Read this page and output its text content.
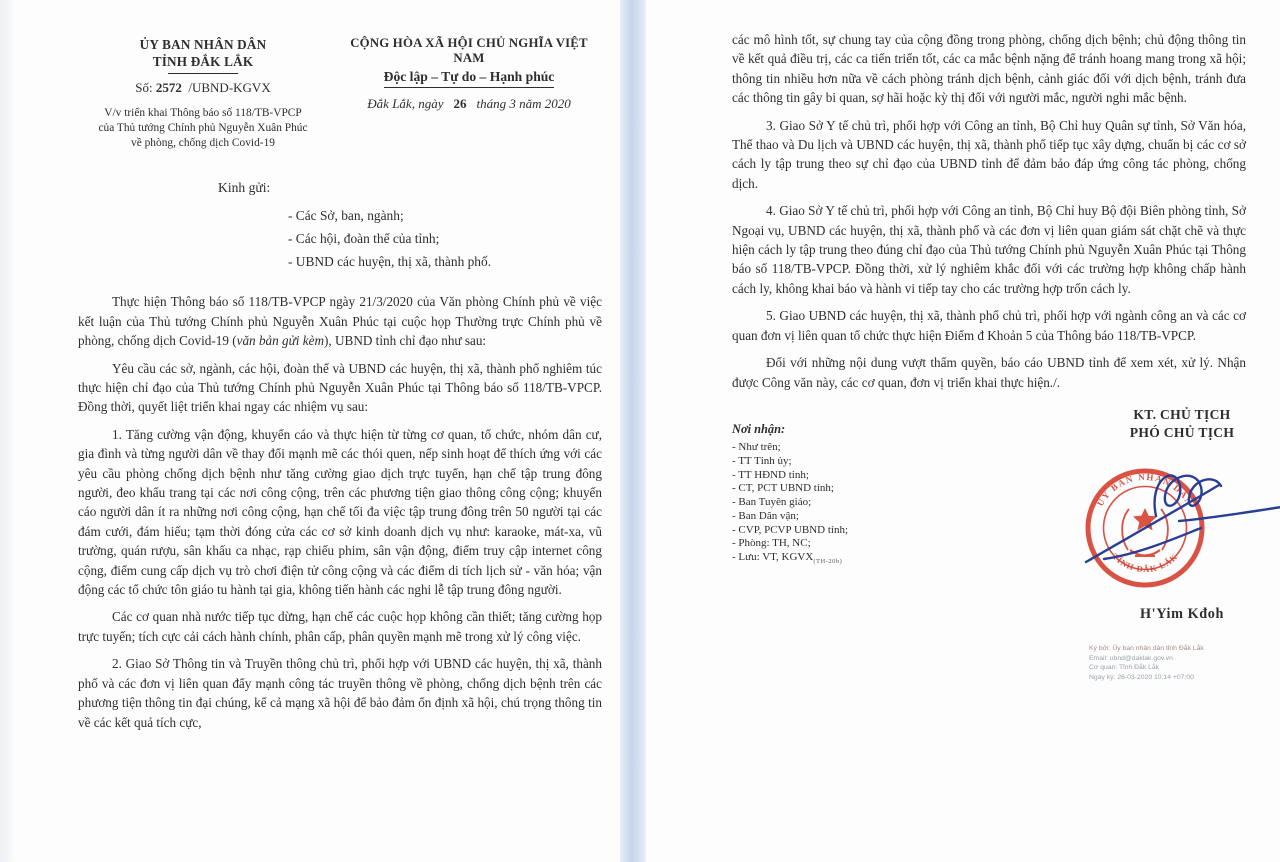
ỦY BAN NHÂN DÂN
TỈNH ĐẮK LẮK
Số: 2572 /UBND-KGVX
V/v triển khai Thông báo số 118/TB-VPCP của Thủ tướng Chính phủ Nguyễn Xuân Phúc về phòng, chống dịch Covid-19
CỘNG HÒA XÃ HỘI CHỦ NGHĨA VIỆT NAM
Độc lập – Tự do – Hạnh phúc
Đắk Lắk, ngày 26 tháng 3 năm 2020
Kinh gửi:
- Các Sở, ban, ngành;
- Các hội, đoàn thể của tỉnh;
- UBND các huyện, thị xã, thành phố.

Thực hiện Thông báo số 118/TB-VPCP ngày 21/3/2020 của Văn phòng Chính phủ về việc kết luận của Thủ tướng Chính phủ Nguyễn Xuân Phúc tại cuộc họp Thường trực Chính phủ về phòng, chống dịch Covid-19 (văn bản gửi kèm), UBND tỉnh chỉ đạo như sau:

Yêu cầu các sở, ngành, các hội, đoàn thể và UBND các huyện, thị xã, thành phố nghiêm túc thực hiện chỉ đạo của Thủ tướng Chính phủ Nguyễn Xuân Phúc tại Thông báo số 118/TB-VPCP. Đồng thời, quyết liệt triển khai ngay các nhiệm vụ sau:

1. Tăng cường vận động, khuyến cáo và thực hiện từ từng cơ quan, tổ chức, nhóm dân cư, gia đình và từng người dân về thay đổi mạnh mẽ các thói quen, nếp sinh hoạt để thích ứng với các yêu cầu phòng chống dịch bệnh như tăng cường giao dịch trực tuyến, hạn chế tập trung đông người, đeo khẩu trang tại các nơi công cộng, trên các phương tiện giao thông công cộng; khuyến cáo người dân ít ra những nơi công cộng, hạn chế tối đa việc tập trung đông trên 50 người tại các đám cưới, đám hiếu; tạm thời đóng cửa các cơ sở kinh doanh dịch vụ như: karaoke, mát-xa, vũ trường, quán rượu, sân khấu ca nhạc, rạp chiếu phim, sân vận động, điểm truy cập internet công cộng, điểm cung cấp dịch vụ trò chơi điện tử công cộng và các điểm di tích lịch sử - văn hóa; vận động các tổ chức tôn giáo tu hành tại gia, không tiến hành các nghi lễ tập trung đông người.

Các cơ quan nhà nước tiếp tục dừng, hạn chế các cuộc họp không cần thiết; tăng cường họp trực tuyến; tích cực cải cách hành chính, phân cấp, phân quyền mạnh mẽ trong xử lý công việc.

2. Giao Sở Thông tin và Truyền thông chủ trì, phối hợp với UBND các huyện, thị xã, thành phố và các đơn vị liên quan đẩy mạnh công tác truyền thông về phòng, chống dịch bệnh trên các phương tiện thông tin đại chúng, kể cả mạng xã hội để bảo đảm ổn định xã hội, chú trọng thông tin về các kết quả tích cực,

các mô hình tốt, sự chung tay của cộng đồng trong phòng, chống dịch bệnh; chủ động thông tin về kết quả điều trị, các ca tiến triển tốt, các ca mắc bệnh nặng để tránh hoang mang trong xã hội; thông tin nhiều hơn nữa về cách phòng tránh dịch bệnh, cảnh giác đối với dịch bệnh, tránh đưa các thông tin gây bi quan, sợ hãi hoặc kỳ thị đối với người mắc, người nghi mắc bệnh.

3. Giao Sở Y tế chủ trì, phối hợp với Công an tỉnh, Bộ Chỉ huy Quân sự tỉnh, Sở Văn hóa, Thể thao và Du lịch và UBND các huyện, thị xã, thành phố tiếp tục xây dựng, chuẩn bị các cơ sở cách ly tập trung theo sự chỉ đạo của UBND tỉnh để đảm bảo đáp ứng công tác phòng, chống dịch.

4. Giao Sở Y tế chủ trì, phối hợp với Công an tỉnh, Bộ Chỉ huy Bộ đội Biên phòng tỉnh, Sở Ngoại vụ, UBND các huyện, thị xã, thành phố và các đơn vị liên quan giám sát chặt chẽ và thực hiện cách ly tập trung theo đúng chỉ đạo của Thủ tướng Chính phủ Nguyễn Xuân Phúc tại Thông báo số 118/TB-VPCP. Đồng thời, xử lý nghiêm khắc đối với các trường hợp không chấp hành cách ly, không khai báo và hành vi tiếp tay cho các trường hợp trốn cách ly.

5. Giao UBND các huyện, thị xã, thành phố chủ trì, phối hợp với ngành công an và các cơ quan đơn vị liên quan tổ chức thực hiện Điểm đ Khoản 5 của Thông báo 118/TB-VPCP.

Đối với những nội dung vượt thẩm quyền, báo cáo UBND tỉnh để xem xét, xử lý. Nhận được Công văn này, các cơ quan, đơn vị triển khai thực hiện./.

Nơi nhận:
- Như trên;
- TT Tỉnh ủy;
- TT HĐND tỉnh;
- CT, PCT UBND tỉnh;
- Ban Tuyên giáo;
- Ban Dân vận;
- CVP, PCVP UBND tỉnh;
- Phòng: TH, NC;
- Lưu: VT, $KGVX_{(TH-20b)}$
KT. CHỦ TỊCH
PHÓ CHỦ TỊCH
ỦY BAN NHÂN DÂN
TỈNH ĐẮK LẮK
H'Yim Kđoh
Ký bởi: Ủy ban nhân dân tỉnh Đắk Lắk
Email: ubnd@daklak.gov.vn
Cơ quan: Tỉnh Đắk Lắk
Ngày ký: 26-03-2020 10:14 +07:00
